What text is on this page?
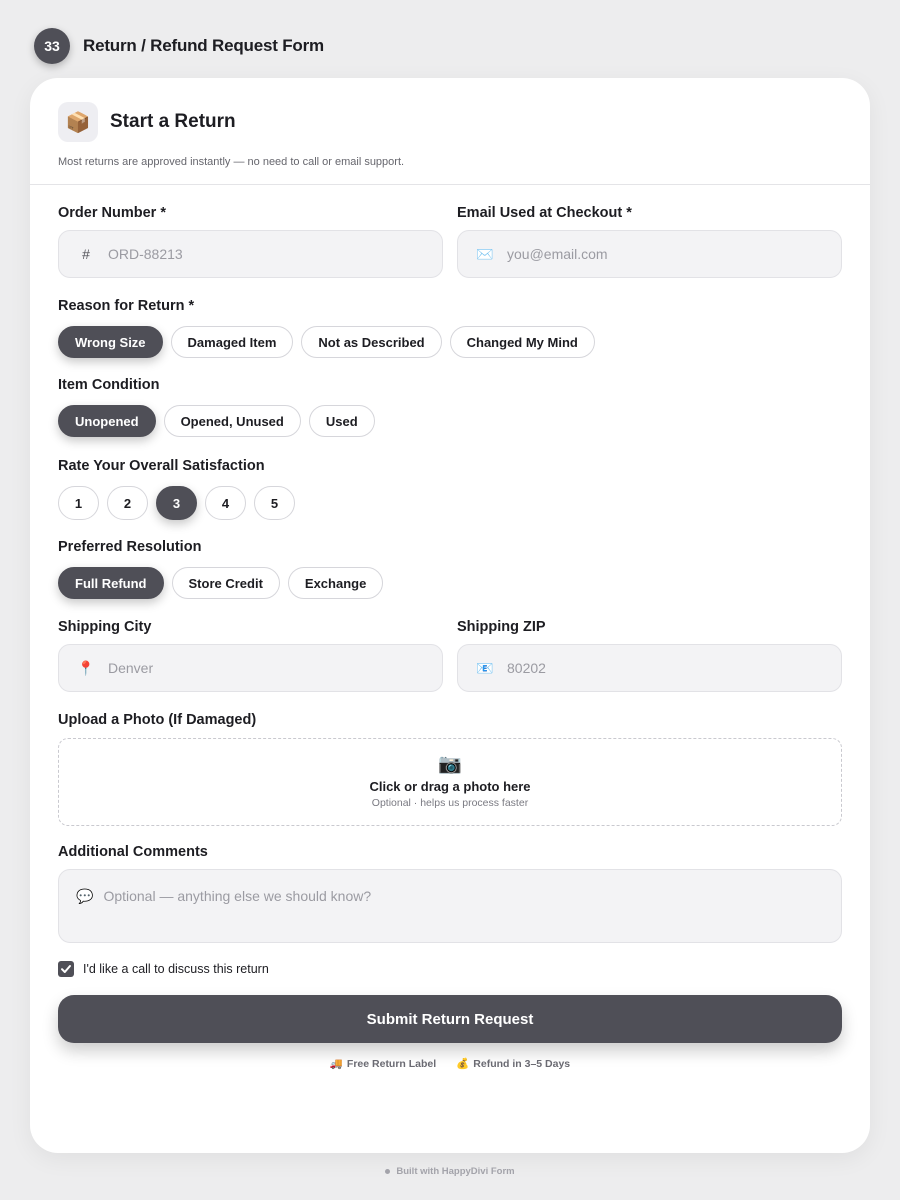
33	Return / Refund Request Form
📦	Start a Return
Most returns are approved instantly — no need to call or email support.
Order Number *
#	ORD-88213
Email Used at Checkout *
✉️ you@email.com
Reason for Return *
Wrong Size	Damaged Item	Not as Described	Changed My Mind
Item Condition
Unopened	Opened, Unused	Used
Rate Your Overall Satisfaction
1	2	3	4	5
Preferred Resolution
Full Refund	Store Credit	Exchange
Shipping City
📍 Denver
Shipping ZIP
📧 80202
Upload a Photo (If Damaged)
📷
Click or drag a photo here
Optional · helps us process faster
Additional Comments
💬 Optional — anything else we should know?
I'd like a call to discuss this return
Submit Return Request
🚚 Free Return Label 💰 Refund in 3–5 Days
Built with HappyDivi Form
